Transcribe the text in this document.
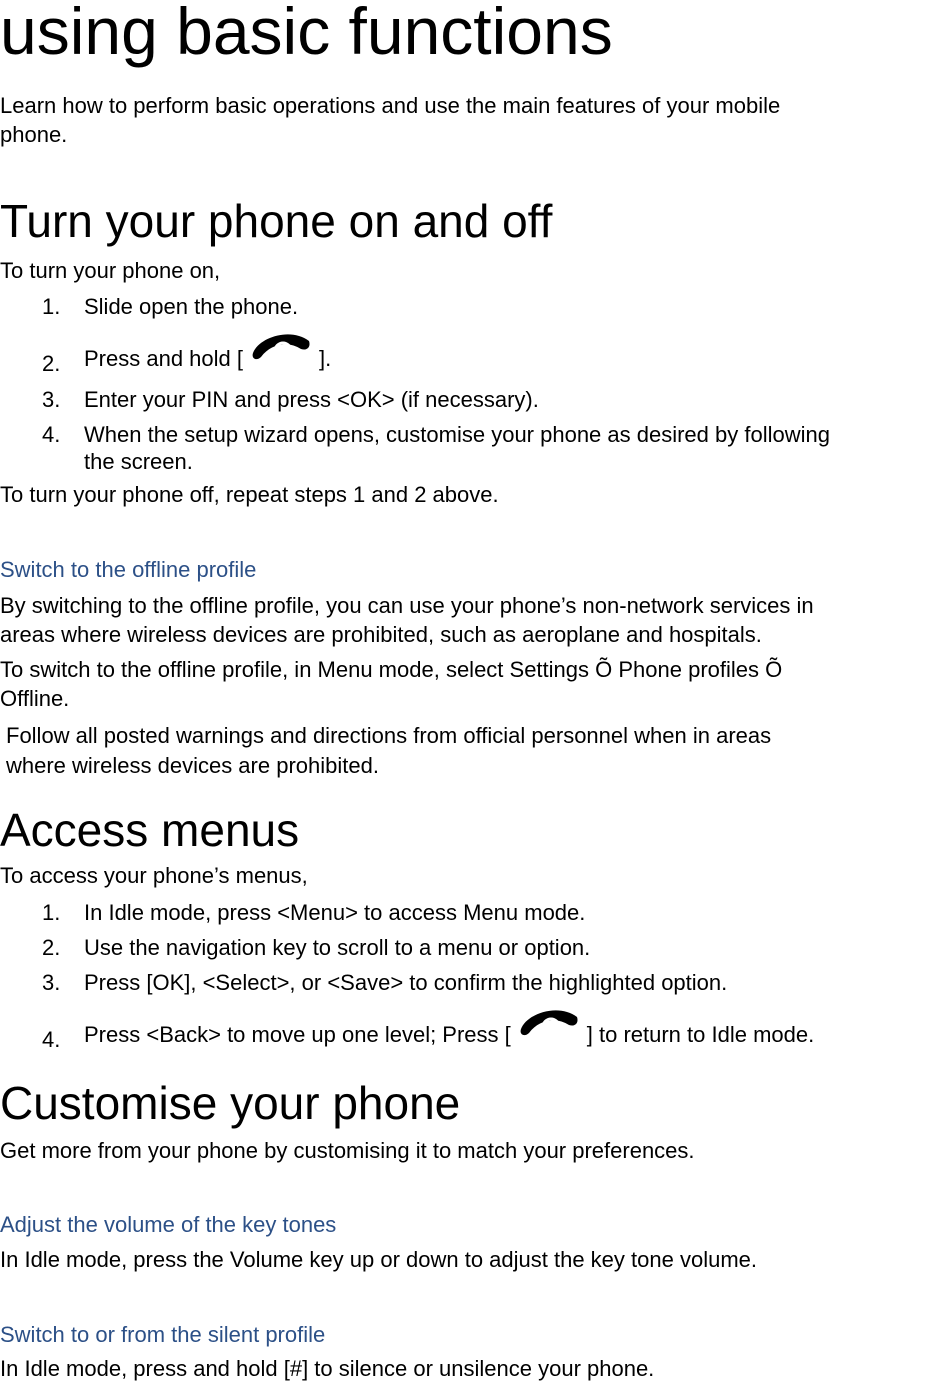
using basic functions
Learn how to perform basic operations and use the main features of your mobile
phone.
Turn your phone on and off
To turn your phone on,
1. Slide open the phone.
2. Press and hold [	].
3. Enter your PIN and press <OK> (if necessary).
4. When the setup wizard opens, customise your phone as desired by following
the screen.
To turn your phone off, repeat steps 1 and 2 above.
Switch to the offline profile
By switching to the offline profile, you can use your phone’s non-network services in
areas where wireless devices are prohibited, such as aeroplane and hospitals.
To switch to the offline profile, in Menu mode, select Settings Õ Phone profiles Õ
Offline.
Follow all posted warnings and directions from official personnel when in areas
where wireless devices are prohibited.
Access menus
To access your phone’s menus,
1. In Idle mode, press <Menu> to access Menu mode.
2. Use the navigation key to scroll to a menu or option.
3. Press [OK], <Select>, or <Save> to confirm the highlighted option.
4. Press <Back> to move up one level; Press [	] to return to Idle mode.
Customise your phone
Get more from your phone by customising it to match your preferences.
Adjust the volume of the key tones
In Idle mode, press the Volume key up or down to adjust the key tone volume.
Switch to or from the silent profile
In Idle mode, press and hold [#] to silence or unsilence your phone.
